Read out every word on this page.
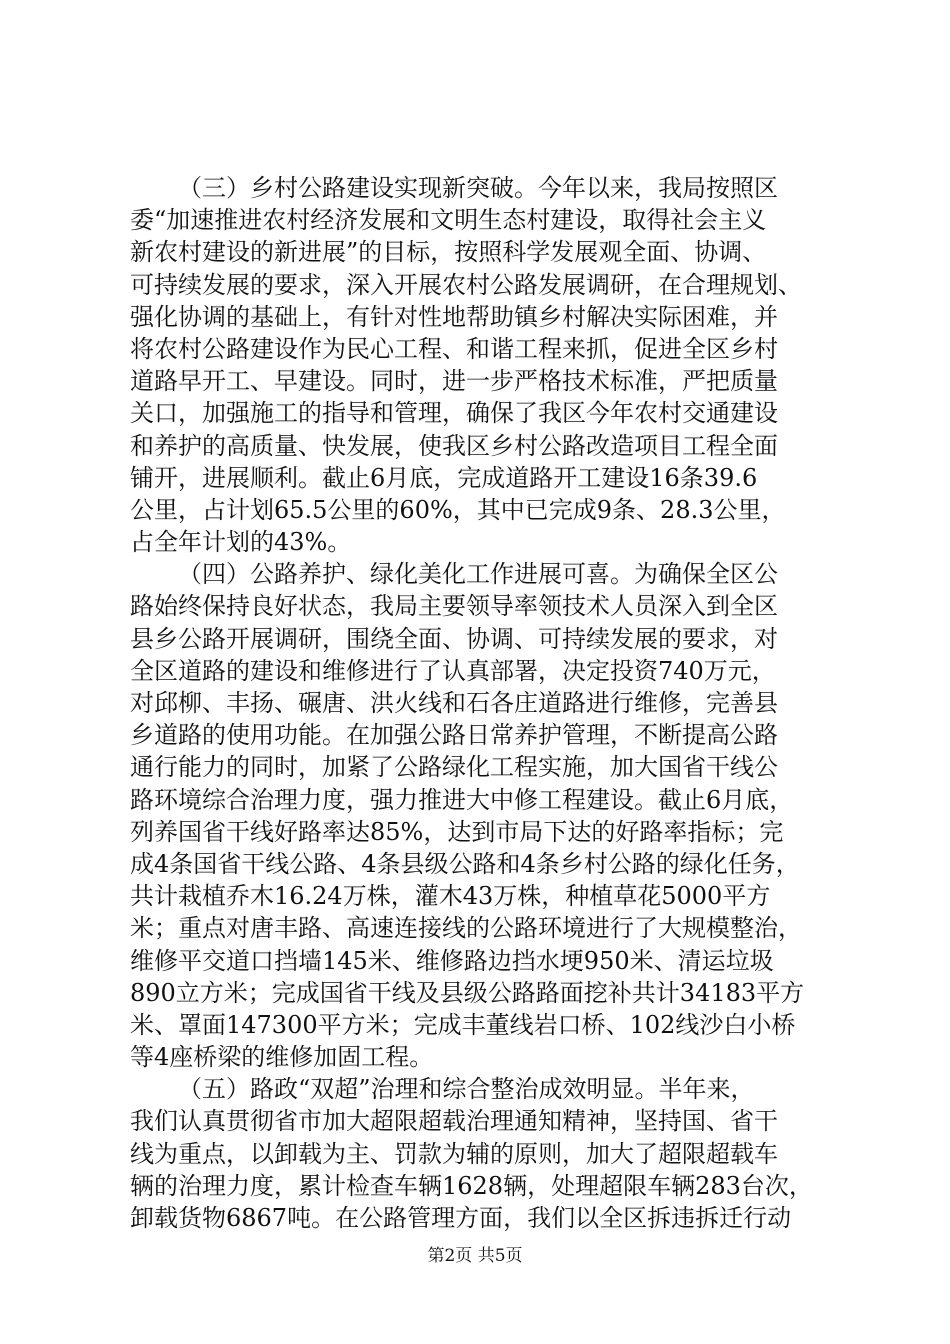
（三）乡村公路建设实现新突破。今年以来，我局按照区
委“加速推进农村经济发展和文明生态村建设，取得社会主义
新农村建设的新进展”的目标，按照科学发展观全面、协调、
可持续发展的要求，深入开展农村公路发展调研，在合理规划、
强化协调的基础上，有针对性地帮助镇乡村解决实际困难，并
将农村公路建设作为民心工程、和谐工程来抓，促进全区乡村
道路早开工、早建设。同时，进一步严格技术标准，严把质量
关口，加强施工的指导和管理，确保了我区今年农村交通建设
和养护的高质量、快发展，使我区乡村公路改造项目工程全面
铺开，进展顺利。截止6月底，完成道路开工建设16条39.6
公里，占计划65.5公里的60%，其中已完成9条、28.3公里，
占全年计划的43%。
（四）公路养护、绿化美化工作进展可喜。为确保全区公
路始终保持良好状态，我局主要领导率领技术人员深入到全区
县乡公路开展调研，围绕全面、协调、可持续发展的要求，对
全区道路的建设和维修进行了认真部署，决定投资740万元，
对邱柳、丰扬、碾唐、洪火线和石各庄道路进行维修，完善县
乡道路的使用功能。在加强公路日常养护管理，不断提高公路
通行能力的同时，加紧了公路绿化工程实施，加大国省干线公
路环境综合治理力度，强力推进大中修工程建设。截止6月底，
列养国省干线好路率达85%，达到市局下达的好路率指标；完
成4条国省干线公路、4条县级公路和4条乡村公路的绿化任务，
共计栽植乔木16.24万株，灌木43万株，种植草花5000平方
米；重点对唐丰路、高速连接线的公路环境进行了大规模整治，
维修平交道口挡墙145米、维修路边挡水埂950米、清运垃圾
890立方米；完成国省干线及县级公路路面挖补共计34183平方
米、罩面147300平方米；完成丰董线岩口桥、102线沙白小桥
等4座桥梁的维修加固工程。
（五）路政“双超”治理和综合整治成效明显。半年来，
我们认真贯彻省市加大超限超载治理通知精神，坚持国、省干
线为重点，以卸载为主、罚款为辅的原则，加大了超限超载车
辆的治理力度，累计检查车辆1628辆，处理超限车辆283台次，
卸载货物6867吨。在公路管理方面，我们以全区拆违拆迁行动
第2页 共5页
